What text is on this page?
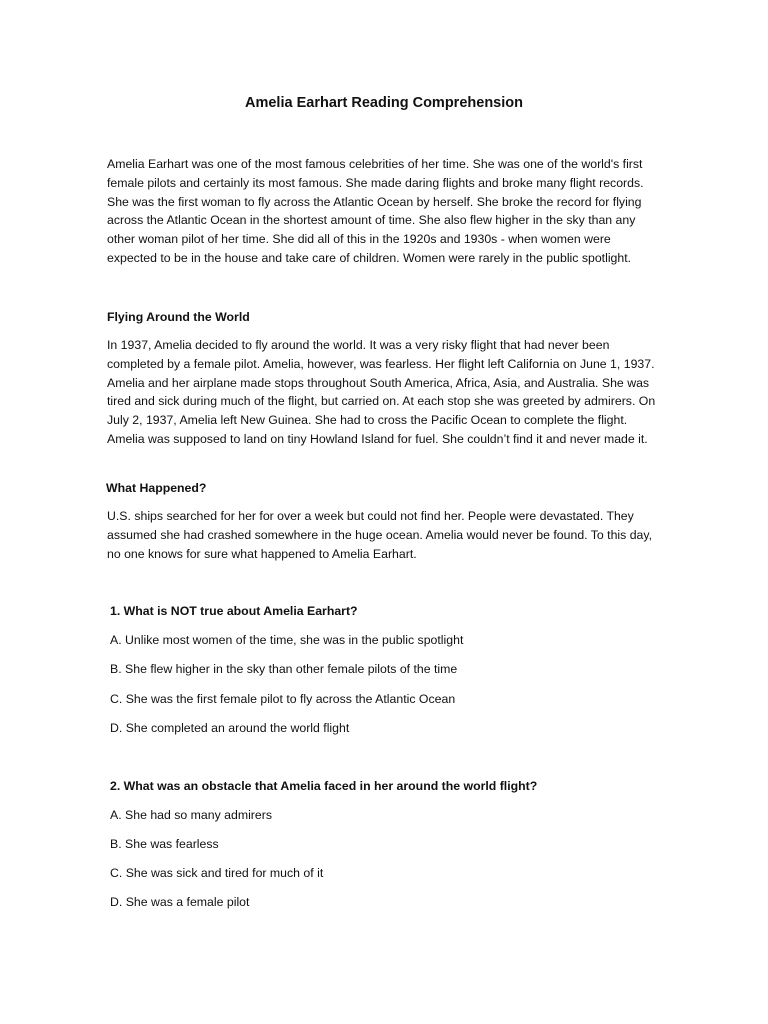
Amelia Earhart Reading Comprehension

Amelia Earhart was one of the most famous celebrities of her time. She was one of the world's first female pilots and certainly its most famous. She made daring flights and broke many flight records. She was the first woman to fly across the Atlantic Ocean by herself. She broke the record for flying across the Atlantic Ocean in the shortest amount of time. She also flew higher in the sky than any other woman pilot of her time. She did all of this in the 1920s and 1930s - when women were expected to be in the house and take care of children. Women were rarely in the public spotlight.

Flying Around the World

In 1937, Amelia decided to fly around the world. It was a very risky flight that had never been completed by a female pilot. Amelia, however, was fearless. Her flight left California on June 1, 1937. Amelia and her airplane made stops throughout South America, Africa, Asia, and Australia. She was tired and sick during much of the flight, but carried on. At each stop she was greeted by admirers. On July 2, 1937, Amelia left New Guinea. She had to cross the Pacific Ocean to complete the flight. Amelia was supposed to land on tiny Howland Island for fuel. She couldn’t find it and never made it.

What Happened?

U.S. ships searched for her for over a week but could not find her. People were devastated. They assumed she had crashed somewhere in the huge ocean. Amelia would never be found. To this day, no one knows for sure what happened to Amelia Earhart.

1. What is NOT true about Amelia Earhart?
A. Unlike most women of the time, she was in the public spotlight
B. She flew higher in the sky than other female pilots of the time
C. She was the first female pilot to fly across the Atlantic Ocean
D. She completed an around the world flight
2. What was an obstacle that Amelia faced in her around the world flight?
A. She had so many admirers
B. She was fearless
C. She was sick and tired for much of it
D. She was a female pilot
